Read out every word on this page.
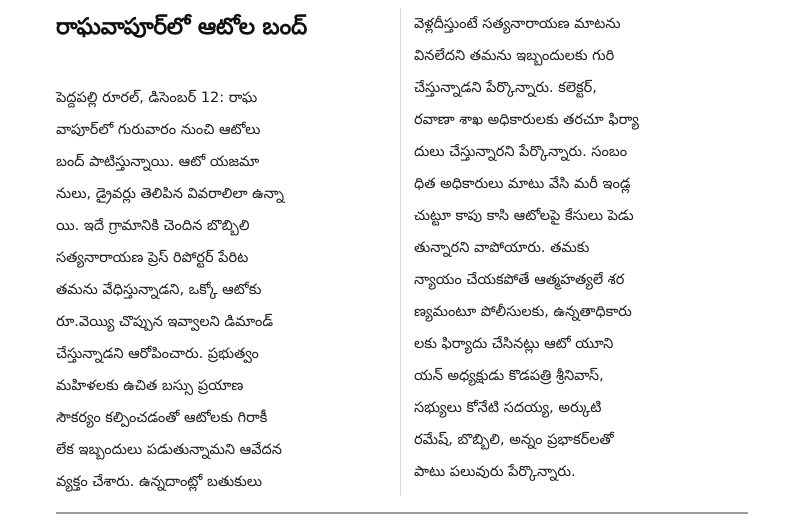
రాఘవాపూర్‌లో ఆటోల బంద్
పెద్దపల్లి రూరల్, డిసెంబర్ 12: రాఘ
వాపూర్‌లో గురువారం నుంచి ఆటోలు
బంద్ పాటిస్తున్నాయి. ఆటో యజమా
నులు, డ్రైవర్లు తెలిపిన వివరాలిలా ఉన్నా
యి. ఇదే గ్రామానికి చెందిన బొబ్బిలి
సత్యనారాయణ ప్రెస్ రిపోర్టర్ పేరిట
తమను వేధిస్తున్నాడని, ఒక్కో ఆటోకు
రూ.వెయ్యి చొప్పున ఇవ్వాలని డిమాండ్
చేస్తున్నాడని ఆరోపించారు. ప్రభుత్వం
మహిళలకు ఉచిత బస్సు ప్రయాణ
సౌకర్యం కల్పించడంతో ఆటోలకు గిరాకీ
లేక ఇబ్బందులు పడుతున్నామని ఆవేదన
వ్యక్తం చేశారు. ఉన్నదాంట్లో బతుకులు
వెళ్లదీస్తుంటే సత్యనారాయణ మాటను
వినలేదని తమను ఇబ్బందులకు గురి
చేస్తున్నాడని పేర్కొన్నారు. కలెక్టర్,
రవాణా శాఖ అధికారులకు తరచూ ఫిర్యా
దులు చేస్తున్నారని పేర్కొన్నారు. సంబం
ధిత అధికారులు మాటు వేసి మరీ ఇండ్ల
చుట్టూ కాపు కాసి ఆటోలపై కేసులు పెడు
తున్నారని వాపోయారు. తమకు
న్యాయం చేయకపోతే ఆత్మహత్యలే శర
ణ్యమంటూ పోలీసులకు, ఉన్నతాధికారు
లకు ఫిర్యాదు చేసినట్లు ఆటో యూని
యన్ అధ్యక్షుడు కొడపత్రి శ్రీనివాస్,
సభ్యులు కోనేటి సదయ్య, అర్కుటి
రమేష్, బొబ్బిలి, అన్నం ప్రభాకర్‌లతో
పాటు పలువురు పేర్కొన్నారు.
